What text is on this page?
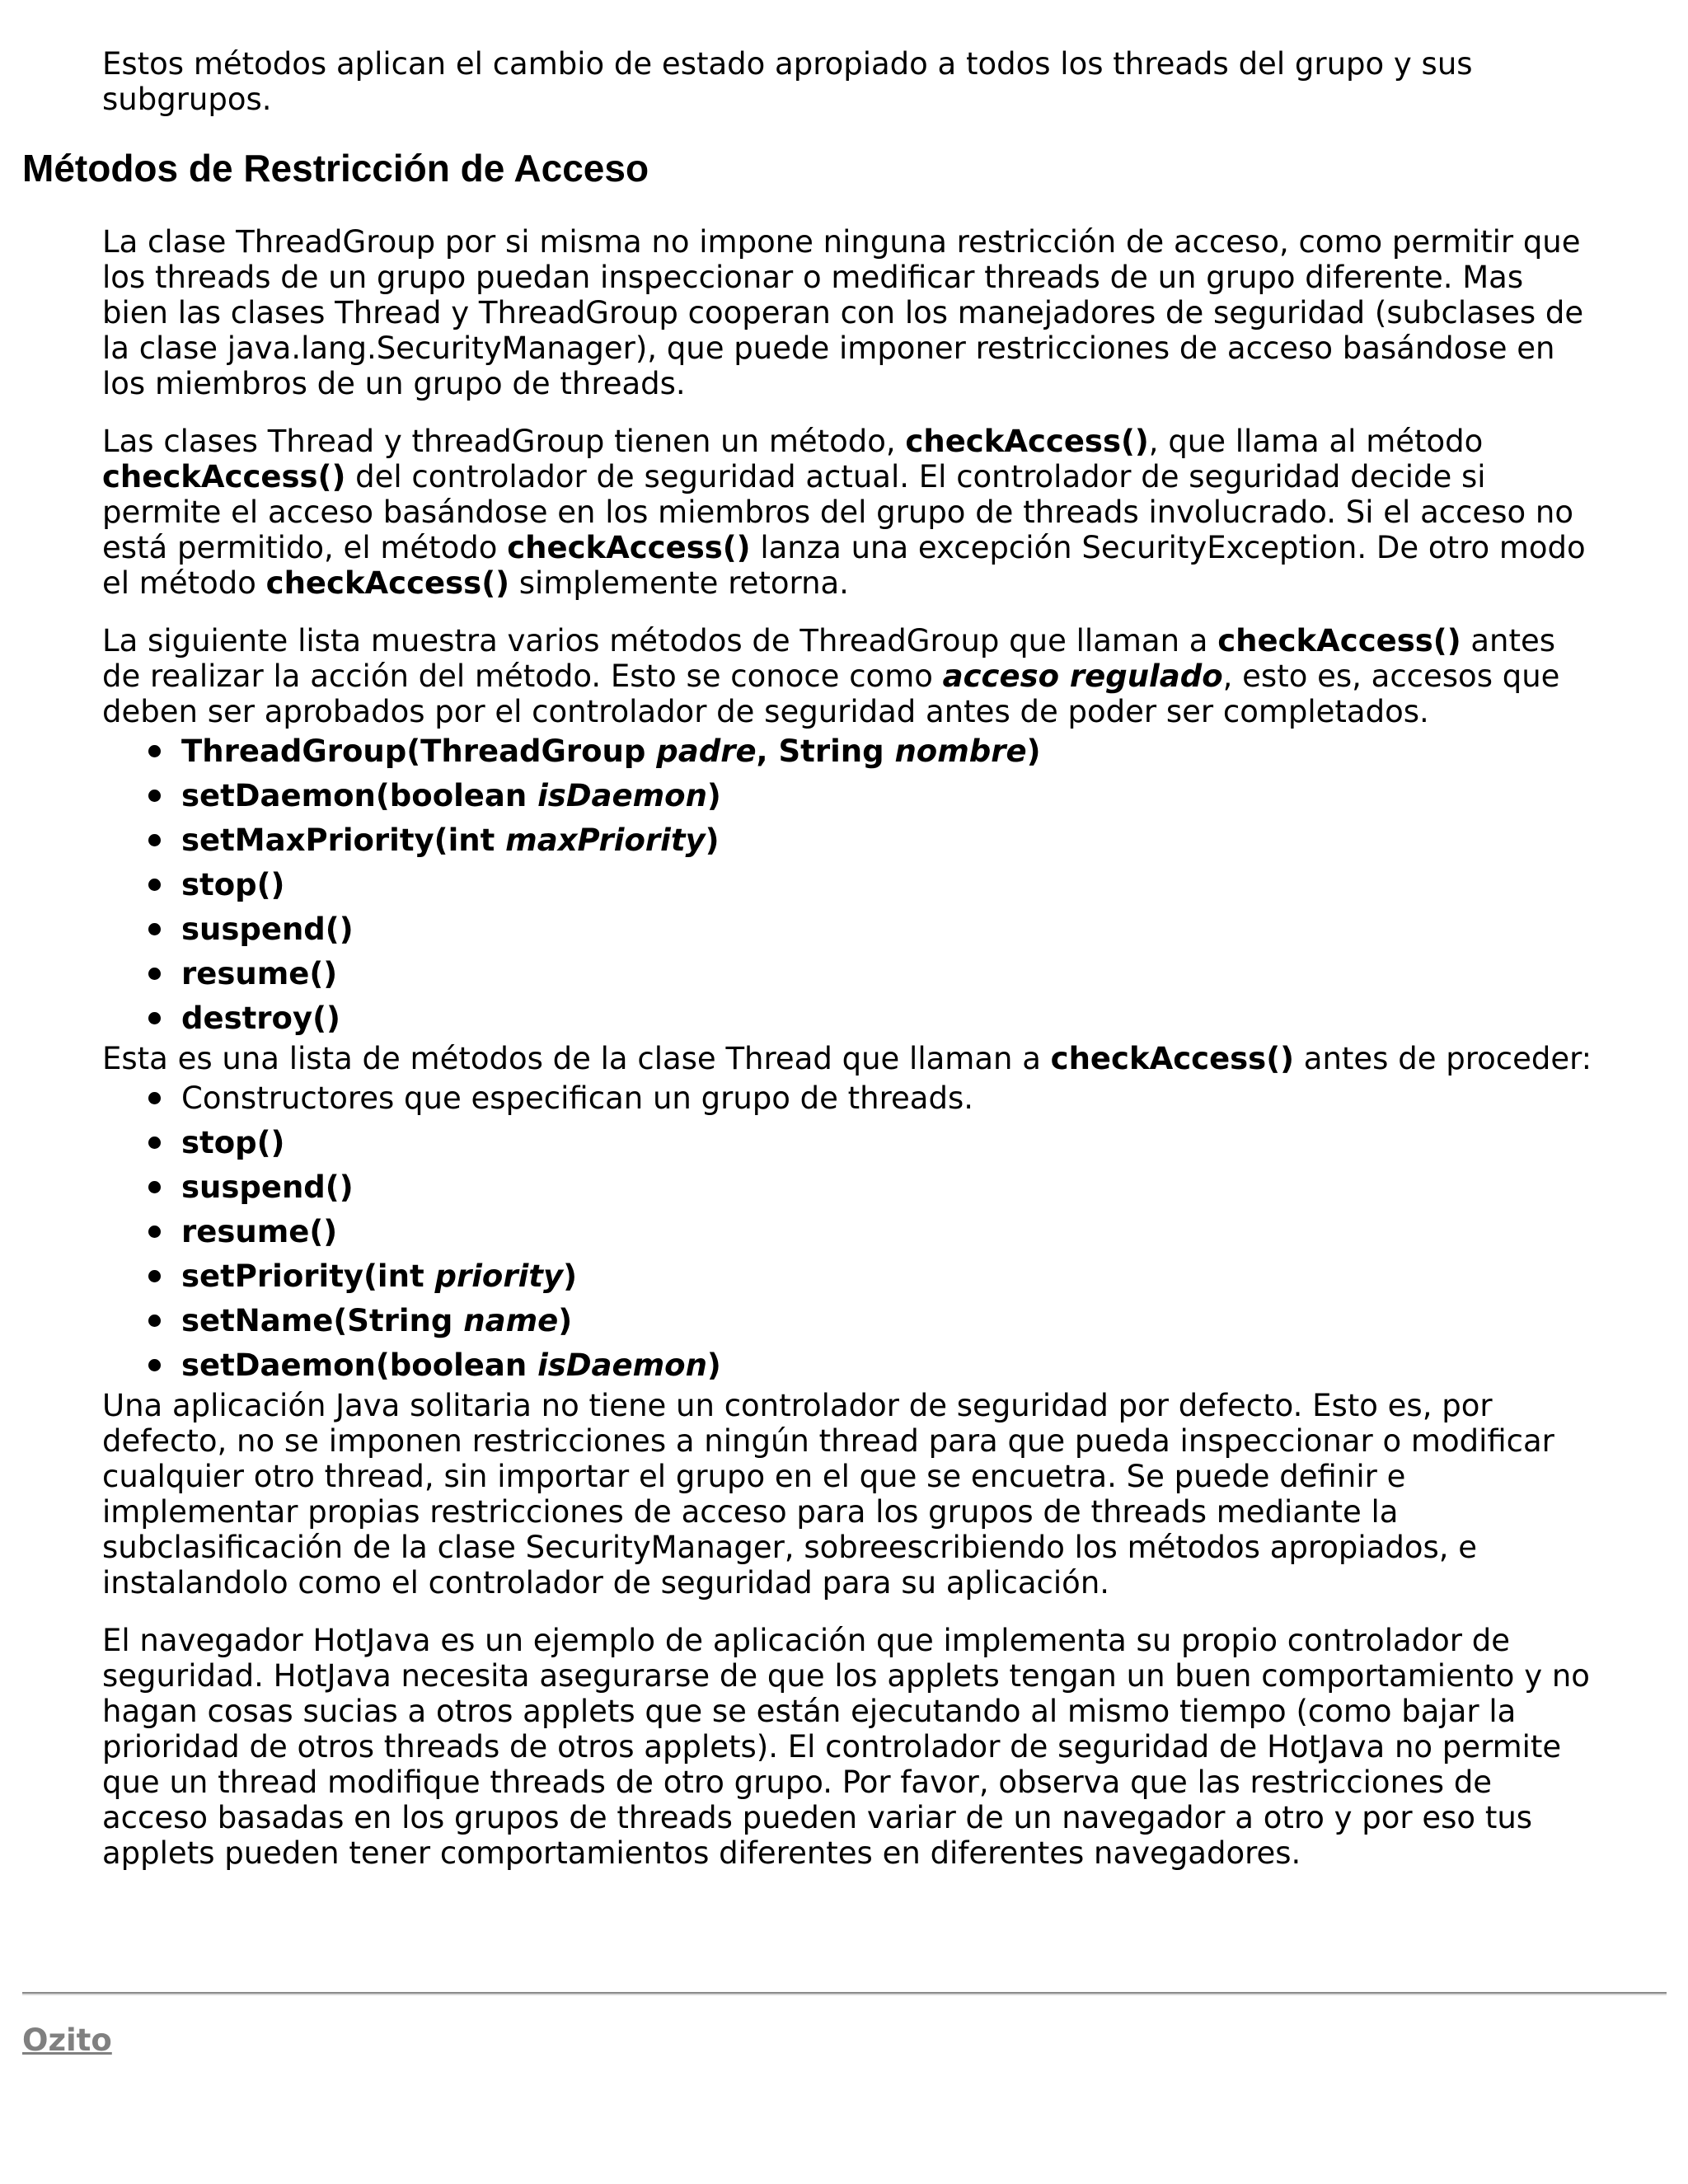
Estos métodos aplican el cambio de estado apropiado a todos los threads del grupo y sus subgrupos.

Métodos de Restricción de Acceso

La clase ThreadGroup por si misma no impone ninguna restricción de acceso, como permitir que los threads de un grupo puedan inspeccionar o medificar threads de un grupo diferente. Mas bien las clases Thread y ThreadGroup cooperan con los manejadores de seguridad (subclases de la clase java.lang.SecurityManager), que puede imponer restricciones de acceso basándose en los miembros de un grupo de threads.

Las clases Thread y threadGroup tienen un método, checkAccess(), que llama al método checkAccess() del controlador de seguridad actual. El controlador de seguridad decide si permite el acceso basándose en los miembros del grupo de threads involucrado. Si el acceso no está permitido, el método checkAccess() lanza una excepción SecurityException. De otro modo el método checkAccess() simplemente retorna.

La siguiente lista muestra varios métodos de ThreadGroup que llaman a checkAccess() antes de realizar la acción del método. Esto se conoce como acceso regulado, esto es, accesos que deben ser aprobados por el controlador de seguridad antes de poder ser completados.

ThreadGroup(ThreadGroup padre, String nombre)
setDaemon(boolean isDaemon)
setMaxPriority(int maxPriority)
stop()
suspend()
resume()
destroy()

Esta es una lista de métodos de la clase Thread que llaman a checkAccess() antes de proceder:

Constructores que especifican un grupo de threads.
stop()
suspend()
resume()
setPriority(int priority)
setName(String name)
setDaemon(boolean isDaemon)

Una aplicación Java solitaria no tiene un controlador de seguridad por defecto. Esto es, por defecto, no se imponen restricciones a ningún thread para que pueda inspeccionar o modificar cualquier otro thread, sin importar el grupo en el que se encuetra. Se puede definir e implementar propias restricciones de acceso para los grupos de threads mediante la subclasificación de la clase SecurityManager, sobreescribiendo los métodos apropiados, e instalandolo como el controlador de seguridad para su aplicación.

El navegador HotJava es un ejemplo de aplicación que implementa su propio controlador de seguridad. HotJava necesita asegurarse de que los applets tengan un buen comportamiento y no hagan cosas sucias a otros applets que se están ejecutando al mismo tiempo (como bajar la prioridad de otros threads de otros applets). El controlador de seguridad de HotJava no permite que un thread modifique threads de otro grupo. Por favor, observa que las restricciones de acceso basadas en los grupos de threads pueden variar de un navegador a otro y por eso tus applets pueden tener comportamientos diferentes en diferentes navegadores.

Ozito
